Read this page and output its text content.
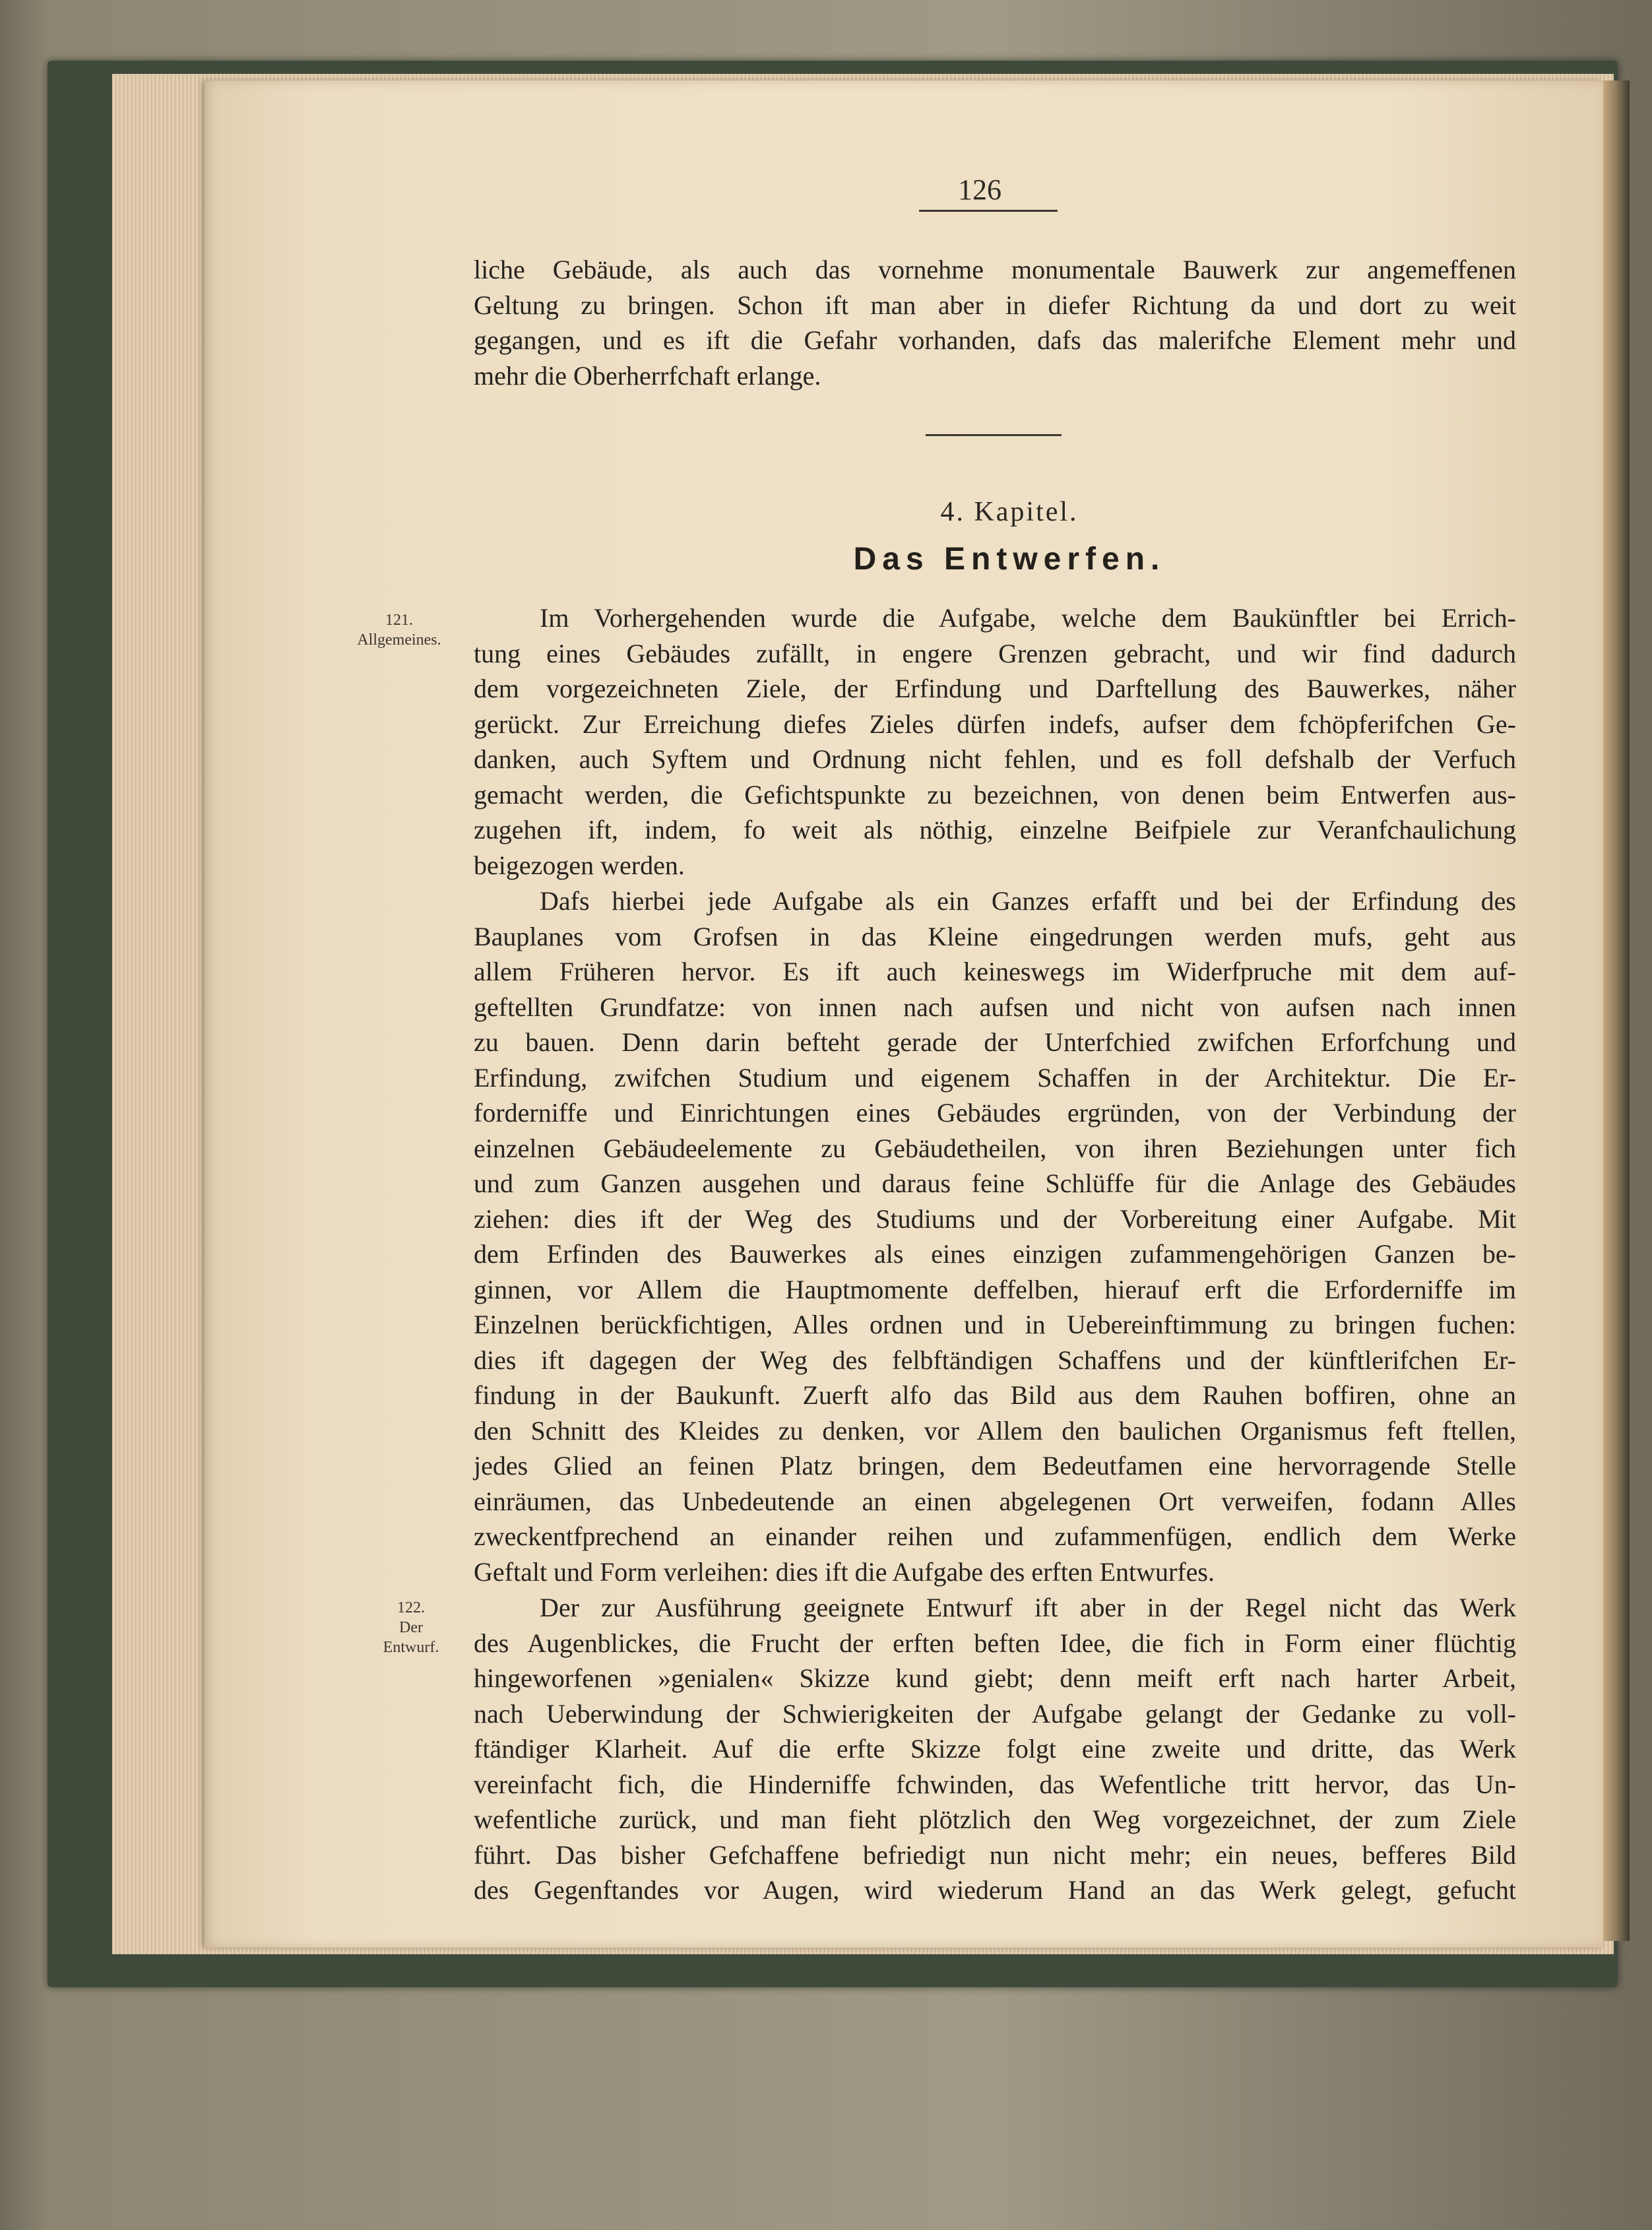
126
liche Gebäude, als auch das vornehme monumentale Bauwerk zur angemeffenen
Geltung zu bringen. Schon ift man aber in diefer Richtung da und dort zu weit
gegangen, und es ift die Gefahr vorhanden, dafs das malerifche Element mehr und
mehr die Oberherrfchaft erlange.
4. Kapitel.
Das Entwerfen.
121.
Allgemeines.
122.
Der
Entwurf.
Im Vorhergehenden wurde die Aufgabe, welche dem Baukünftler bei Errich-
tung eines Gebäudes zufällt, in engere Grenzen gebracht, und wir find dadurch
dem vorgezeichneten Ziele, der Erfindung und Darftellung des Bauwerkes, näher
gerückt. Zur Erreichung diefes Zieles dürfen indefs, aufser dem fchöpferifchen Ge-
danken, auch Syftem und Ordnung nicht fehlen, und es foll defshalb der Verfuch
gemacht werden, die Gefichtspunkte zu bezeichnen, von denen beim Entwerfen aus-
zugehen ift, indem, fo weit als nöthig, einzelne Beifpiele zur Veranfchaulichung
beigezogen werden.
Dafs hierbei jede Aufgabe als ein Ganzes erfafft und bei der Erfindung des
Bauplanes vom Grofsen in das Kleine eingedrungen werden mufs, geht aus
allem Früheren hervor. Es ift auch keineswegs im Widerfpruche mit dem auf-
geftellten Grundfatze: von innen nach aufsen und nicht von aufsen nach innen
zu bauen. Denn darin befteht gerade der Unterfchied zwifchen Erforfchung und
Erfindung, zwifchen Studium und eigenem Schaffen in der Architektur. Die Er-
forderniffe und Einrichtungen eines Gebäudes ergründen, von der Verbindung der
einzelnen Gebäudeelemente zu Gebäudetheilen, von ihren Beziehungen unter fich
und zum Ganzen ausgehen und daraus feine Schlüffe für die Anlage des Gebäudes
ziehen: dies ift der Weg des Studiums und der Vorbereitung einer Aufgabe. Mit
dem Erfinden des Bauwerkes als eines einzigen zufammengehörigen Ganzen be-
ginnen, vor Allem die Hauptmomente deffelben, hierauf erft die Erforderniffe im
Einzelnen berückfichtigen, Alles ordnen und in Uebereinftimmung zu bringen fuchen:
dies ift dagegen der Weg des felbftändigen Schaffens und der künftlerifchen Er-
findung in der Baukunft. Zuerft alfo das Bild aus dem Rauhen boffiren, ohne an
den Schnitt des Kleides zu denken, vor Allem den baulichen Organismus feft ftellen,
jedes Glied an feinen Platz bringen, dem Bedeutfamen eine hervorragende Stelle
einräumen, das Unbedeutende an einen abgelegenen Ort verweifen, fodann Alles
zweckentfprechend an einander reihen und zufammenfügen, endlich dem Werke
Geftalt und Form verleihen: dies ift die Aufgabe des erften Entwurfes.
Der zur Ausführung geeignete Entwurf ift aber in der Regel nicht das Werk
des Augenblickes, die Frucht der erften beften Idee, die fich in Form einer flüchtig
hingeworfenen »genialen« Skizze kund giebt; denn meift erft nach harter Arbeit,
nach Ueberwindung der Schwierigkeiten der Aufgabe gelangt der Gedanke zu voll-
ftändiger Klarheit. Auf die erfte Skizze folgt eine zweite und dritte, das Werk
vereinfacht fich, die Hinderniffe fchwinden, das Wefentliche tritt hervor, das Un-
wefentliche zurück, und man fieht plötzlich den Weg vorgezeichnet, der zum Ziele
führt. Das bisher Gefchaffene befriedigt nun nicht mehr; ein neues, befferes Bild
des Gegenftandes vor Augen, wird wiederum Hand an das Werk gelegt, gefucht
